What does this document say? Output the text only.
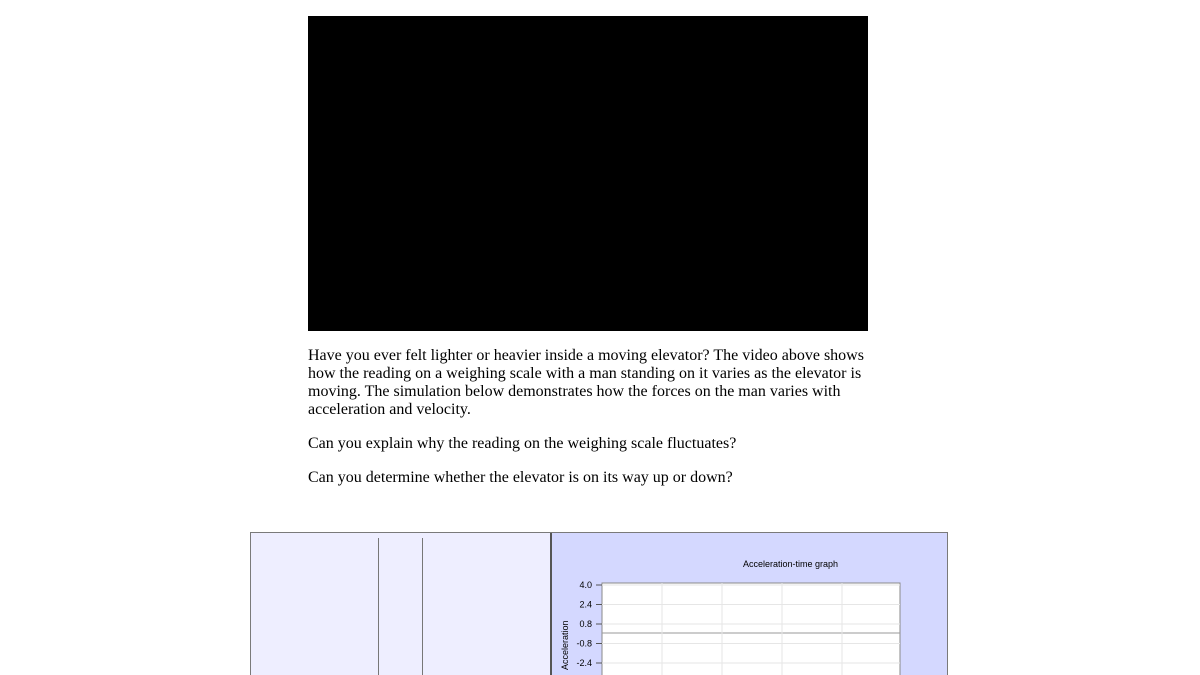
Have you ever felt lighter or heavier inside a moving elevator? The video above shows how the reading on a weighing scale with a man standing on it varies as the elevator is moving. The simulation below demonstrates how the forces on the man varies with acceleration and velocity.

Can you explain why the reading on the weighing scale fluctuates?

Can you determine whether the elevator is on its way up or down?

Acceleration-time graph
Acceleration
4.0
2.4
0.8
-0.8
-2.4
